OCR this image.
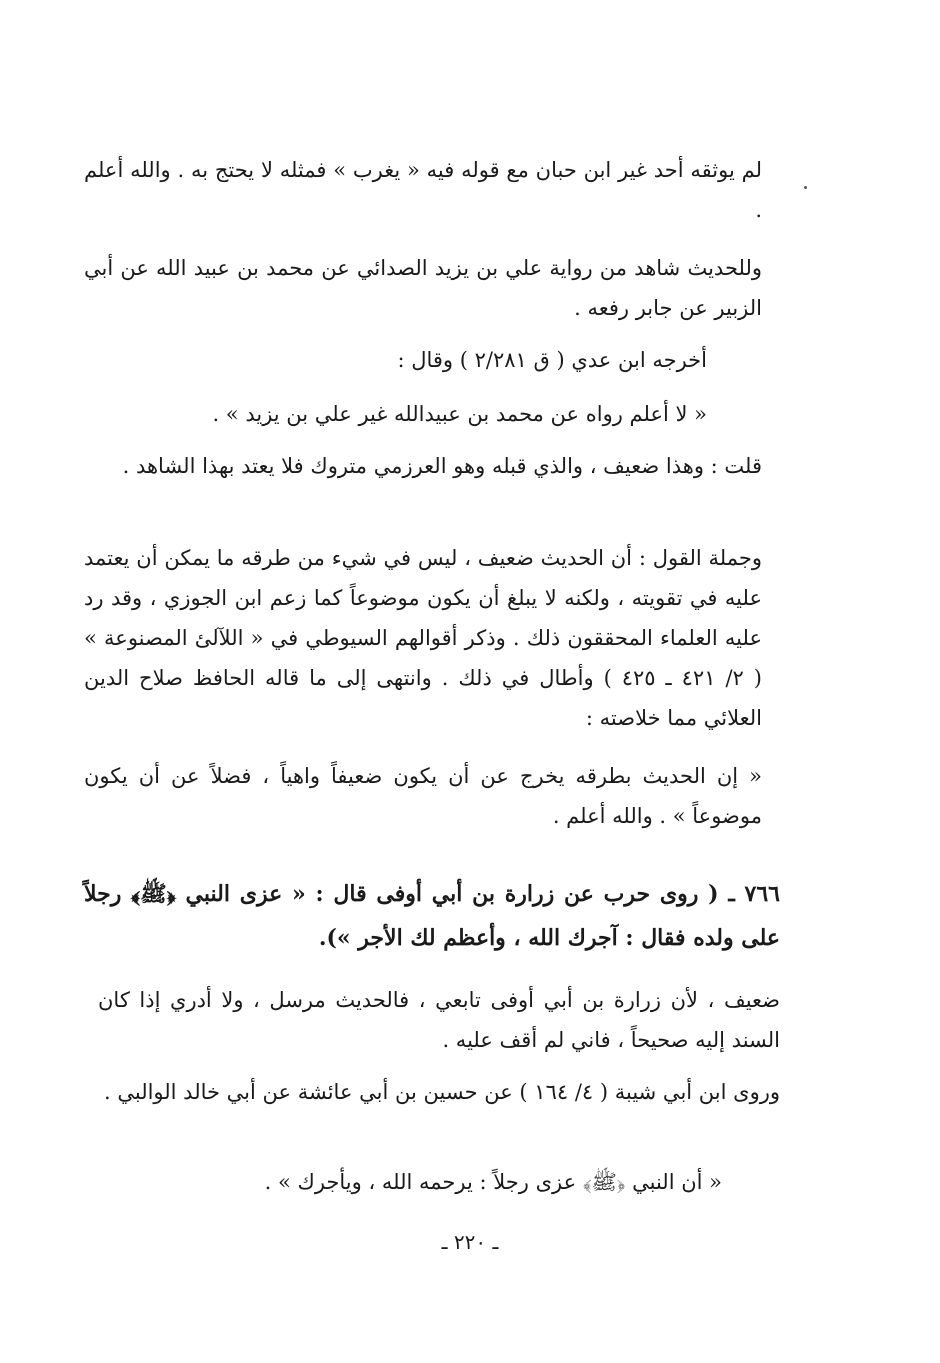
لم يوثقه أحد غير ابن حبان مع قوله فيه « يغرب » فمثله لا يحتج به . والله أعلم .

وللحديث شاهد من رواية علي بن يزيد الصدائي عن محمد بن عبيد الله عن أبي الزبير عن جابر رفعه .

أخرجه ابن عدي ( ق ٢/٢٨١ ) وقال :

« لا أعلم رواه عن محمد بن عبيدالله غير علي بن يزيد » .

قلت : وهذا ضعيف ، والذي قبله وهو العرزمي متروك فلا يعتد بهذا الشاهد .

وجملة القول : أن الحديث ضعيف ، ليس في شيء من طرقه ما يمكن أن يعتمد عليه في تقويته ، ولكنه لا يبلغ أن يكون موضوعاً كما زعم ابن الجوزي ، وقد رد عليه العلماء المحققون ذلك . وذكر أقوالهم السيوطي في « اللآلئ المصنوعة » ( ٢/ ٤٢١ ـ ٤٢٥ ) وأطال في ذلك . وانتهى إلى ما قاله الحافظ صلاح الدين العلائي مما خلاصته :

« إن الحديث بطرقه يخرج عن أن يكون ضعيفاً واهياً ، فضلاً عن أن يكون موضوعاً » . والله أعلم .

٧٦٦ ـ ( روى حرب عن زرارة بن أبي أوفى قال : « عزى النبي ﴿ﷺ﴾ رجلاً على ولده فقال : آجرك الله ، وأعظم لك الأجر »).

ضعيف ، لأن زرارة بن أبي أوفى تابعي ، فالحديث مرسل ، ولا أدري إذا كان السند إليه صحيحاً ، فاني لم أقف عليه .

وروى ابن أبي شيبة ( ٤/ ١٦٤ ) عن حسين بن أبي عائشة عن أبي خالد الوالبي .

« أن النبي ﴿ﷺ﴾ عزى رجلاً : يرحمه الله ، ويأجرك » .

ـ ٢٢٠ ـ
